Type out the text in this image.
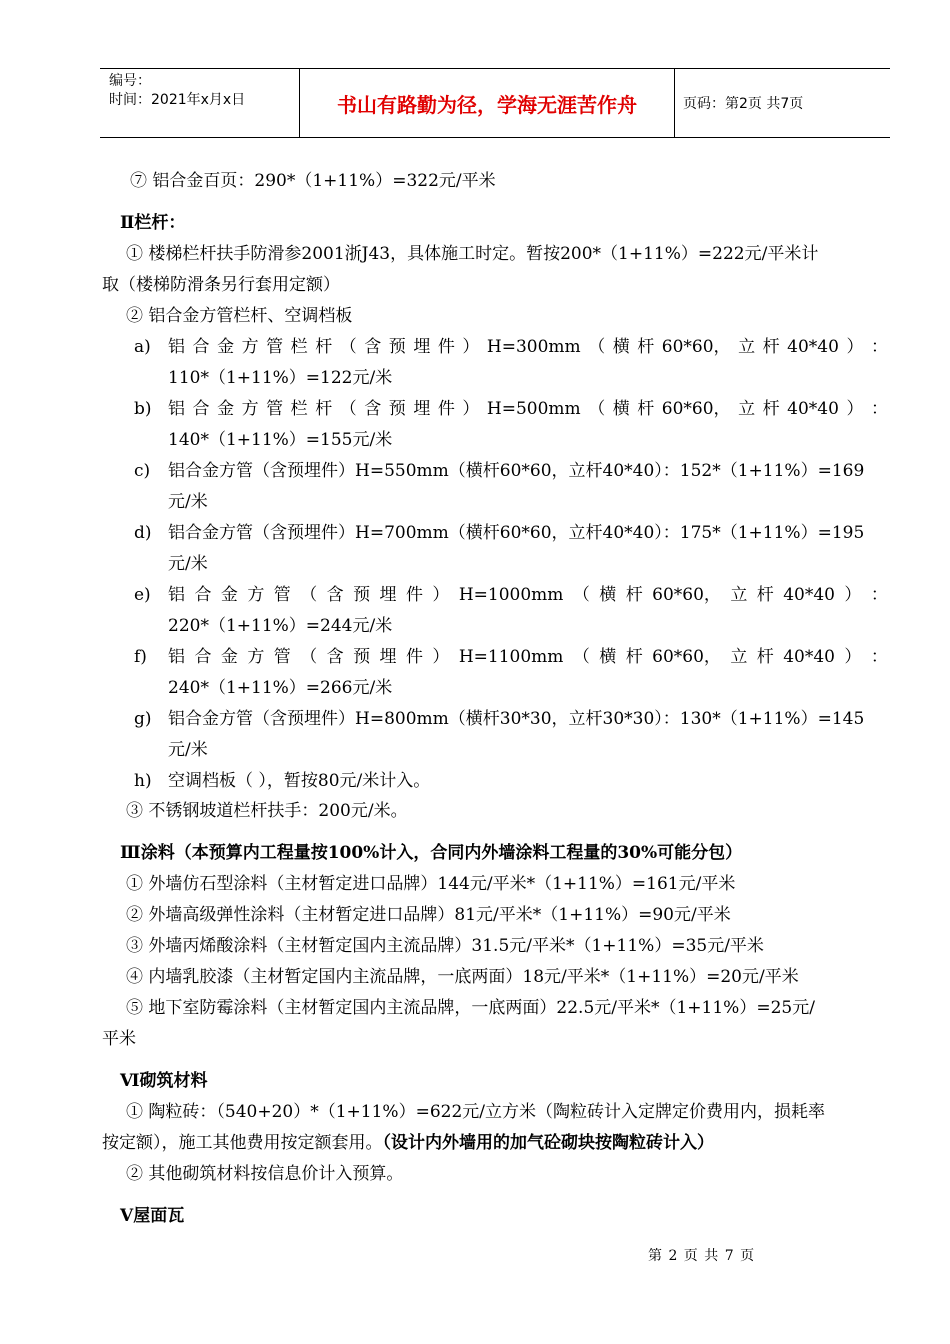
编号：
时间：2021年x月x日	书山有路勤为径，学海无涯苦作舟	页码：第2页 共7页
⑦ 铝合金百页：290*（1+11%）=322元/平米
Ⅱ栏杆：
① 楼梯栏杆扶手防滑参2001浙J43，具体施工时定。暂按200*（1+11%）=222元/平米计
取（楼梯防滑条另行套用定额）
② 铝合金方管栏杆、空调档板
a) 铝 合 金 方 管 栏 杆 （ 含 预 埋 件 ） H=300mm （ 横 杆 60*60， 立 杆 40*40 ） ：
110*（1+11%）=122元/米
b) 铝 合 金 方 管 栏 杆 （ 含 预 埋 件 ） H=500mm （ 横 杆 60*60， 立 杆 40*40 ） ：
140*（1+11%）=155元/米
c) 铝合金方管（含预埋件）H=550mm（横杆60*60，立杆40*40）：152*（1+11%）=169
元/米
d) 铝合金方管（含预埋件）H=700mm（横杆60*60，立杆40*40）：175*（1+11%）=195
元/米
e) 铝 合 金 方 管 （ 含 预 埋 件 ） H=1000mm （ 横 杆 60*60， 立 杆 40*40 ） ：
220*（1+11%）=244元/米
f) 铝 合 金 方 管 （ 含 预 埋 件 ） H=1100mm （ 横 杆 60*60， 立 杆 40*40 ） ：
240*（1+11%）=266元/米
g) 铝合金方管（含预埋件）H=800mm（横杆30*30，立杆30*30）：130*（1+11%）=145
元/米
h) 空调档板（ ），暂按80元/米计入。
③ 不锈钢坡道栏杆扶手：200元/米。
Ⅲ涂料（本预算内工程量按100%计入，合同内外墙涂料工程量的30%可能分包）
① 外墙仿石型涂料（主材暂定进口品牌）144元/平米*（1+11%）=161元/平米
② 外墙高级弹性涂料（主材暂定进口品牌）81元/平米*（1+11%）=90元/平米
③ 外墙丙烯酸涂料（主材暂定国内主流品牌）31.5元/平米*（1+11%）=35元/平米
④ 内墙乳胶漆（主材暂定国内主流品牌，一底两面）18元/平米*（1+11%）=20元/平米
⑤ 地下室防霉涂料（主材暂定国内主流品牌，一底两面）22.5元/平米*（1+11%）=25元/
平米
Ⅵ砌筑材料
① 陶粒砖：（540+20）*（1+11%）=622元/立方米（陶粒砖计入定牌定价费用内，损耗率
按定额），施工其他费用按定额套用。（设计内外墙用的加气砼砌块按陶粒砖计入）
② 其他砌筑材料按信息价计入预算。
Ⅴ屋面瓦
第 2 页 共 7 页
